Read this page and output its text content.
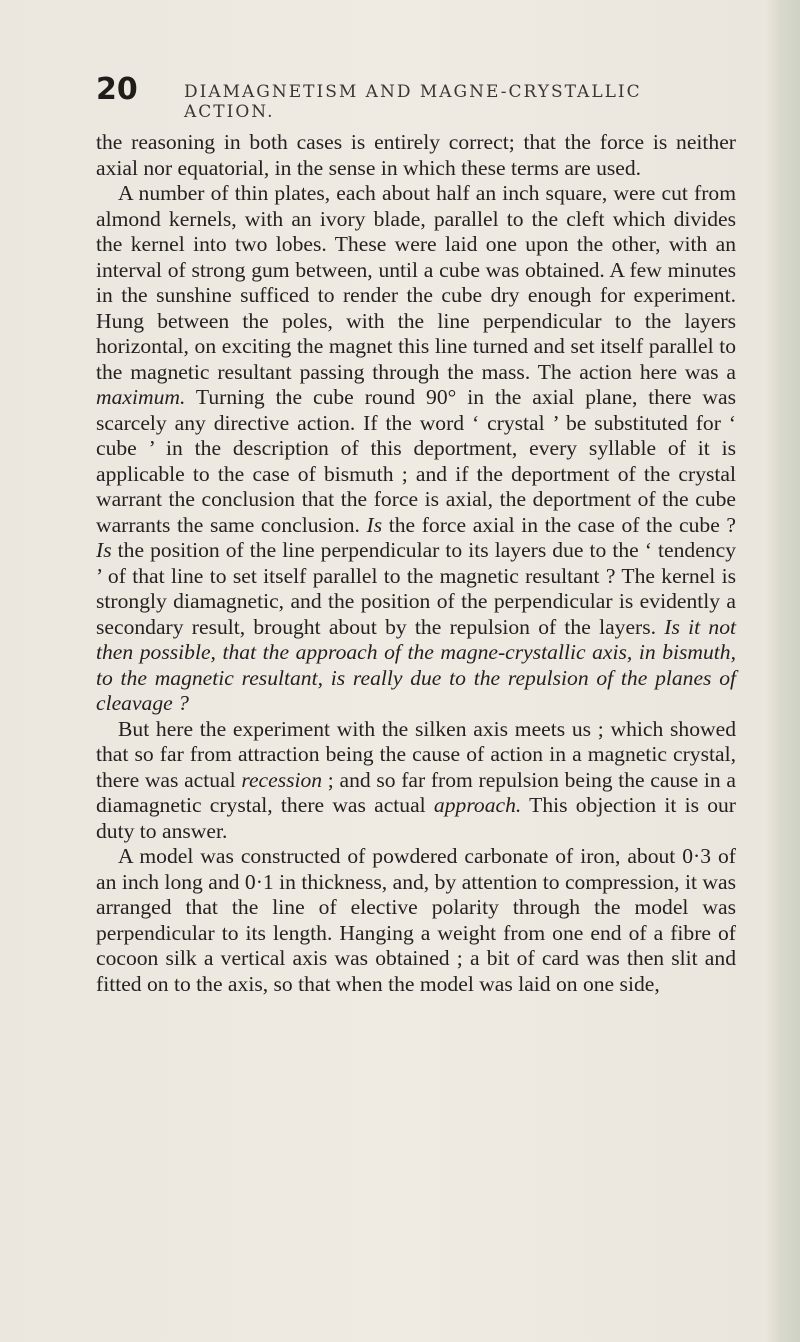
20	DIAMAGNETISM AND MAGNE-CRYSTALLIC ACTION.

the reasoning in both cases is entirely correct; that the force is neither axial nor equatorial, in the sense in which these terms are used.

A number of thin plates, each about half an inch square, were cut from almond kernels, with an ivory blade, parallel to the cleft which divides the kernel into two lobes. These were laid one upon the other, with an interval of strong gum between, until a cube was obtained. A few minutes in the sunshine sufficed to render the cube dry enough for experiment. Hung between the poles, with the line perpendicular to the layers horizontal, on exciting the magnet this line turned and set itself parallel to the magnetic resultant passing through the mass. The action here was a maximum. Turning the cube round 90° in the axial plane, there was scarcely any directive action. If the word ‘ crystal ’ be substituted for ‘ cube ’ in the description of this deportment, every syllable of it is applicable to the case of bismuth ; and if the deportment of the crystal warrant the conclusion that the force is axial, the deportment of the cube warrants the same conclusion. Is the force axial in the case of the cube ? Is the position of the line perpendicular to its layers due to the ‘ tendency ’ of that line to set itself parallel to the magnetic resultant ? The kernel is strongly diamagnetic, and the position of the perpendicular is evidently a secondary result, brought about by the repulsion of the layers. Is it not then possible, that the approach of the magne-crystallic axis, in bismuth, to the magnetic resultant, is really due to the repulsion of the planes of cleavage ?

But here the experiment with the silken axis meets us ; which showed that so far from attraction being the cause of action in a magnetic crystal, there was actual recession ; and so far from repulsion being the cause in a diamagnetic crystal, there was actual approach. This objection it is our duty to answer.

A model was constructed of powdered carbonate of iron, about 0·3 of an inch long and 0·1 in thickness, and, by attention to compression, it was arranged that the line of elective polarity through the model was perpendicular to its length. Hanging a weight from one end of a fibre of cocoon silk a vertical axis was obtained ; a bit of card was then slit and fitted on to the axis, so that when the model was laid on one side,
